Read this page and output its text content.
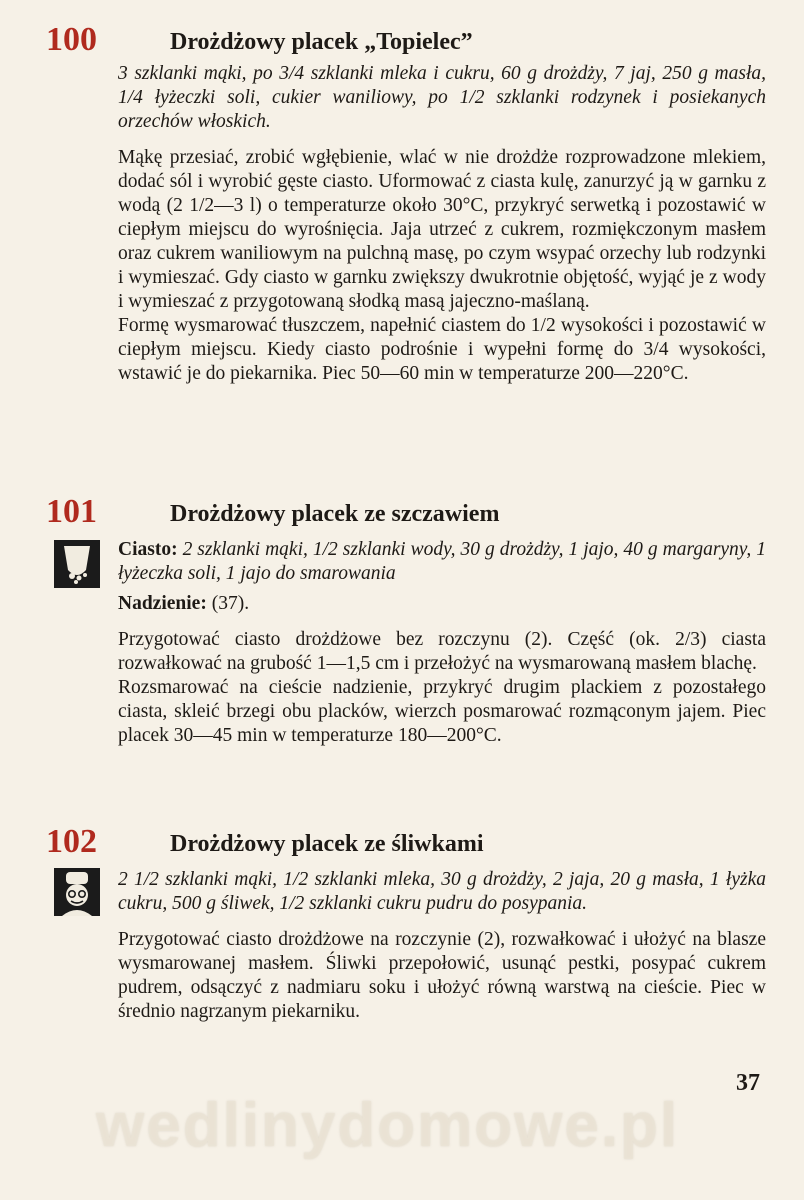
100	Drożdżowy placek „Topielec”

3 szklanki mąki, po 3/4 szklanki mleka i cukru, 60 g drożdży, 7 jaj, 250 g masła, 1/4 łyżeczki soli, cukier waniliowy, po 1/2 szklanki rodzynek i posiekanych orzechów włoskich.

Mąkę przesiać, zrobić wgłębienie, wlać w nie drożdże rozprowadzone mlekiem, dodać sól i wyrobić gęste ciasto. Uformować z ciasta kulę, zanurzyć ją w garnku z wodą (2 1/2—3 l) o temperaturze około 30°C, przykryć serwetką i pozostawić w ciepłym miejscu do wyrośnięcia. Jaja utrzeć z cukrem, rozmiękczonym masłem oraz cukrem waniliowym na pulchną masę, po czym wsypać orzechy lub rodzynki i wymieszać. Gdy ciasto w garnku zwiększy dwukrotnie objętość, wyjąć je z wody i wymieszać z przygotowaną słodką masą jajeczno-maślaną.

Formę wysmarować tłuszczem, napełnić ciastem do 1/2 wysokości i pozostawić w ciepłym miejscu. Kiedy ciasto podrośnie i wypełni formę do 3/4 wysokości, wstawić je do piekarnika. Piec 50—60 min w temperaturze 200—220°C.

101	Drożdżowy placek ze szczawiem

Ciasto: 2 szklanki mąki, 1/2 szklanki wody, 30 g drożdży, 1 jajo, 40 g margaryny, 1 łyżeczka soli, 1 jajo do smarowania

Nadzienie: (37).

Przygotować ciasto drożdżowe bez rozczynu (2). Część (ok. 2/3) ciasta rozwałkować na grubość 1—1,5 cm i przełożyć na wysmarowaną masłem blachę.

Rozsmarować na cieście nadzienie, przykryć drugim plackiem z pozostałego ciasta, skleić brzegi obu placków, wierzch posmarować rozmąconym jajem. Piec placek 30—45 min w temperaturze 180—200°C.

102	Drożdżowy placek ze śliwkami

2 1/2 szklanki mąki, 1/2 szklanki mleka, 30 g drożdży, 2 jaja, 20 g masła, 1 łyżka cukru, 500 g śliwek, 1/2 szklanki cukru pudru do posypania.

Przygotować ciasto drożdżowe na rozczynie (2), rozwałkować i ułożyć na blasze wysmarowanej masłem. Śliwki przepołowić, usunąć pestki, posypać cukrem pudrem, odsączyć z nadmiaru soku i ułożyć równą warstwą na cieście. Piec w średnio nagrzanym piekarniku.

wedlinydomowe.pl
37
